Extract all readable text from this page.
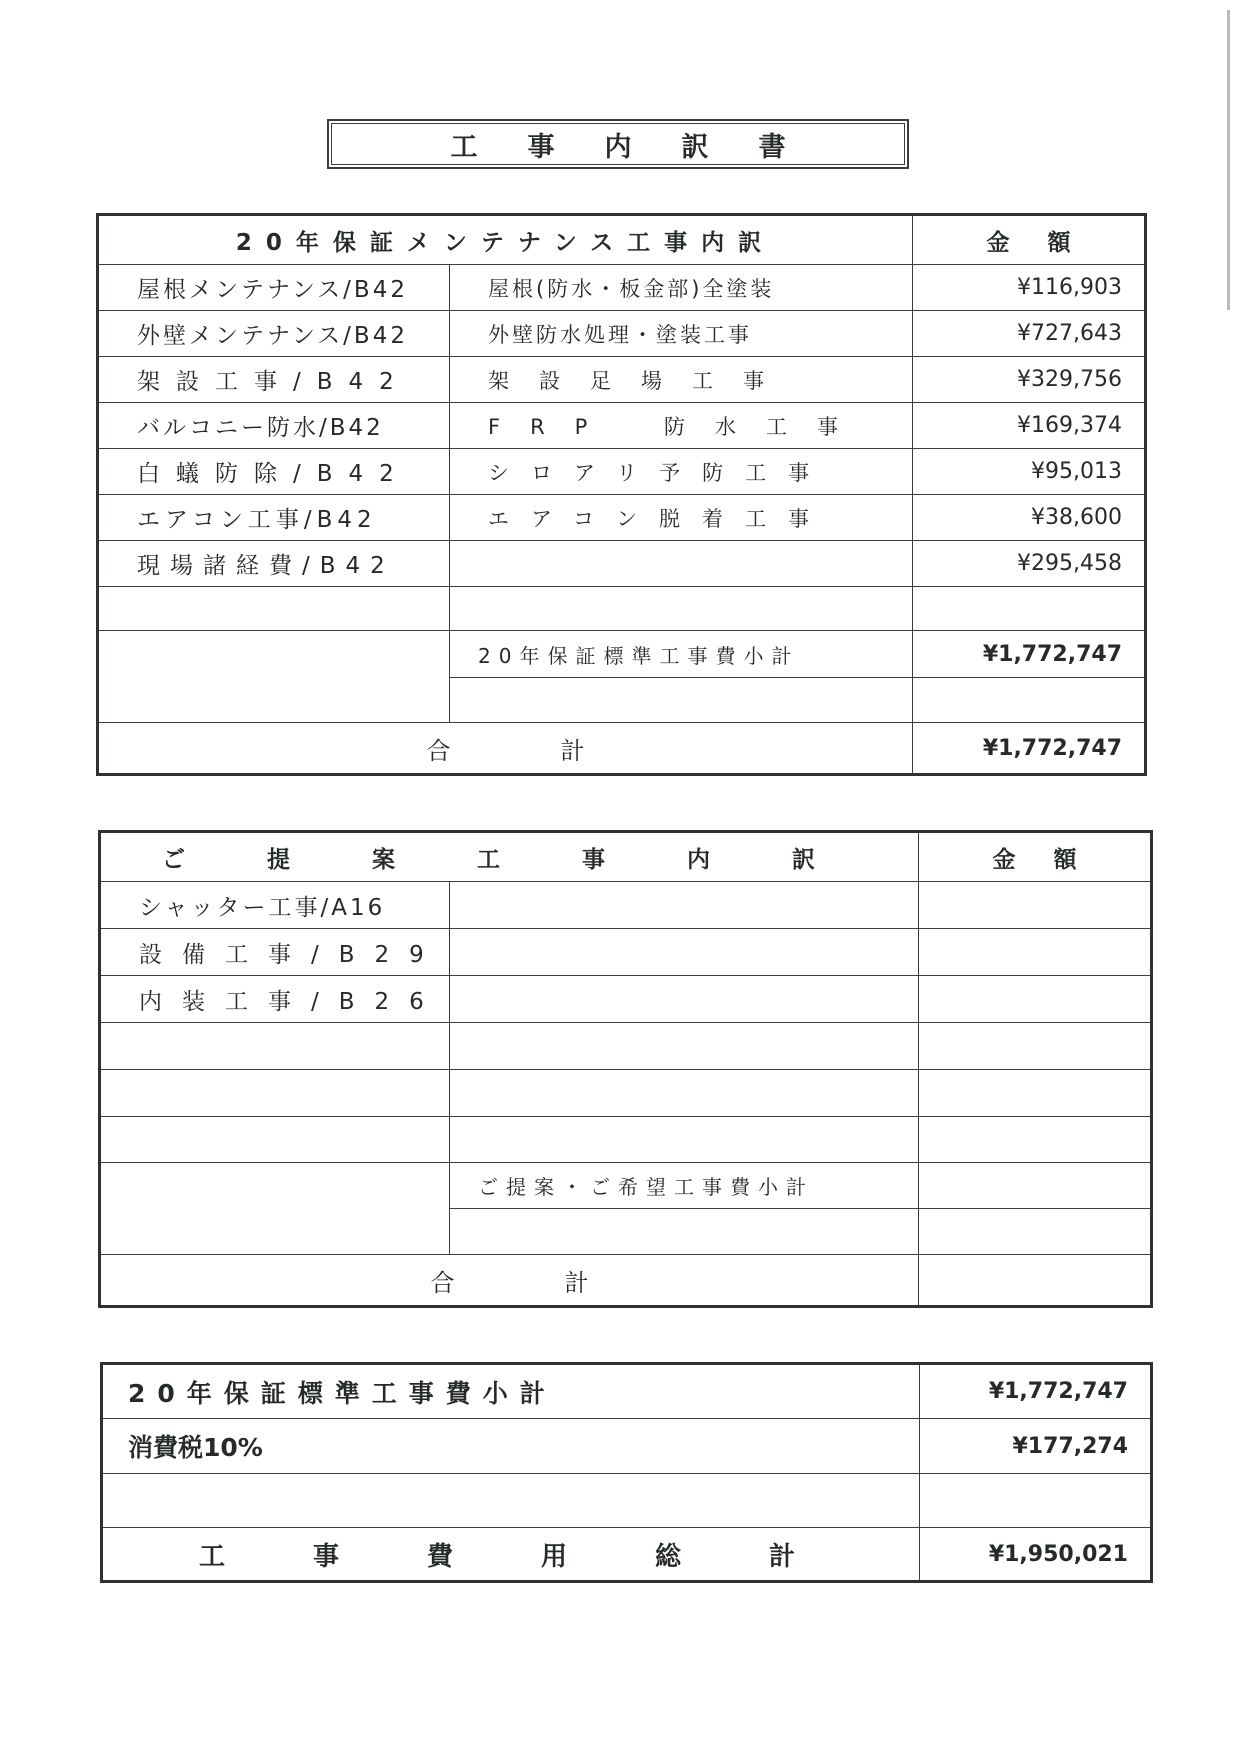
工事内訳書
20年保証メンテナンス工事内訳		金額
屋根メンテナンス/B42	屋根(防水・板金部)全塗装	¥116,903
外壁メンテナンス/B42	外壁防水処理・塗装工事	¥727,643
架設工事/B42	架設足場工事	¥329,756
バルコニー防水/B42	FRP 防水工事	¥169,374
白蟻防除/B42	シロアリ予防工事	¥95,013
エアコン工事/B42	エアコン脱着工事	¥38,600
現場諸経費/B42		¥295,458

	20年保証標準工事費小計	¥1,772,747

合計		¥1,772,747
ご提案工事内訳		金額
シャッター工事/A16		
設備工事/B29		
内装工事/B26		

	ご提案・ご希望工事費小計	

合計		
20年保証標準工事費小計	¥1,772,747
消費税10%	¥177,274

工事費用総計	¥1,950,021
